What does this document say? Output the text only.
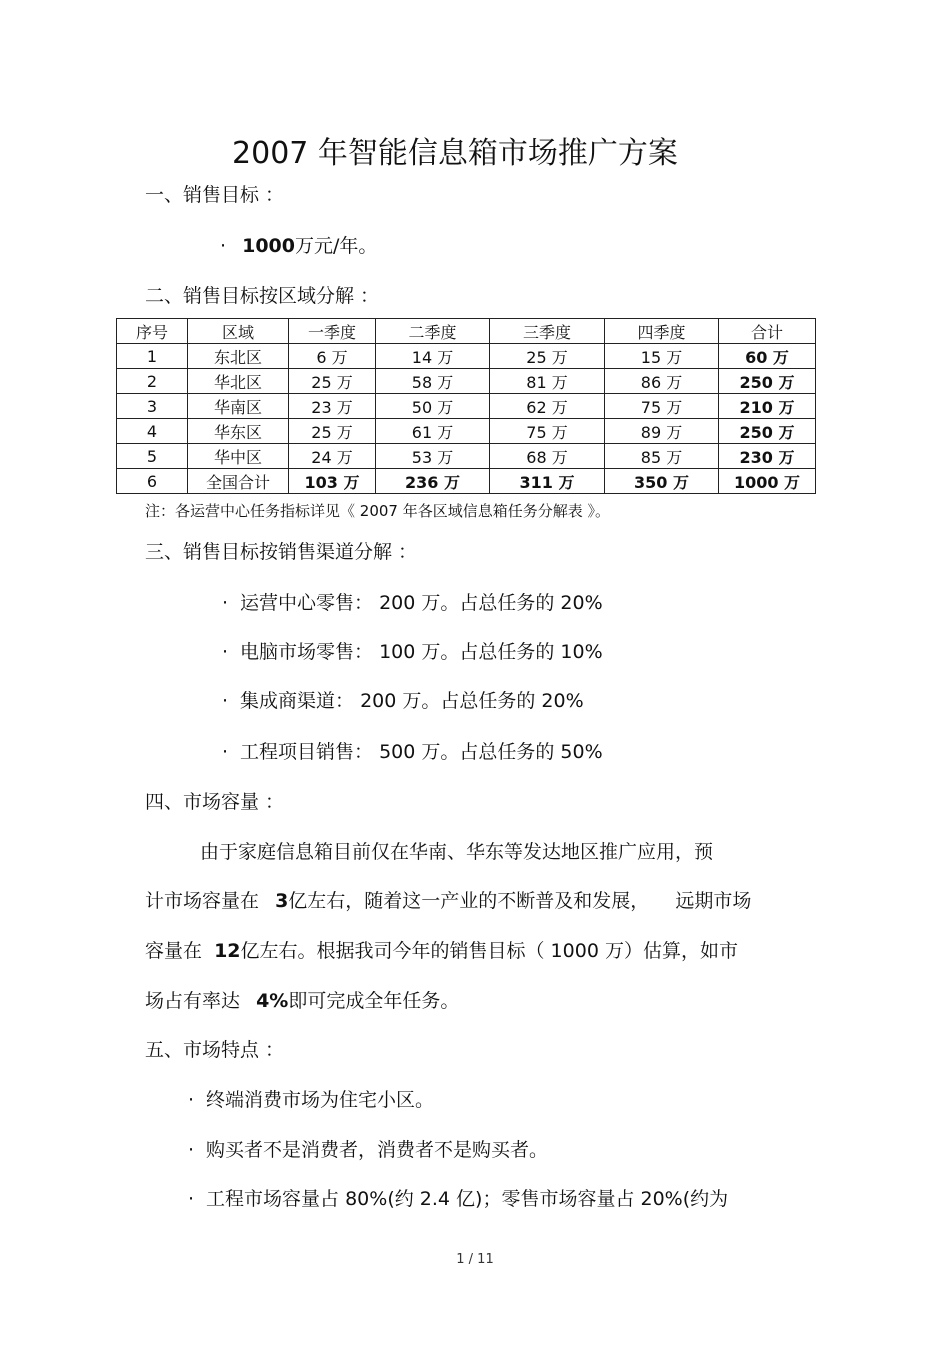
2007 年智能信息箱市场推广方案
一、销售目标 ：
· 1000万元/年。
二、销售目标按区域分解 ：
序号	区域	一季度	二季度	三季度	四季度	合计
1	东北区	6 万	14 万	25 万	15 万	60 万
2	华北区	25 万	58 万	81 万	86 万	250 万
3	华南区	23 万	50 万	62 万	75 万	210 万
4	华东区	25 万	61 万	75 万	89 万	250 万
5	华中区	24 万	53 万	68 万	85 万	230 万
6	全国合计	103 万	236 万	311 万	350 万	1000 万
注：各运营中心任务指标详见《 2007 年各区域信息箱任务分解表 》。
三、销售目标按销售渠道分解 ：
· 运营中心零售： 200 万。占总任务的 20%
· 电脑市场零售： 100 万。占总任务的 10%
· 集成商渠道： 200 万。占总任务的 20%
· 工程项目销售： 500 万。占总任务的 50%
四、市场容量 ：
由于家庭信息箱目前仅在华南、华东等发达地区推广应用，预
计市场容量在 3亿左右，随着这一产业的不断普及和发展， 远期市场
容量在 12亿左右。根据我司今年的销售目标（ 1000 万）估算，如市
场占有率达 4%即可完成全年任务。
五、市场特点 ：
· 终端消费市场为住宅小区。
· 购买者不是消费者，消费者不是购买者。
· 工程市场容量占 80%(约 2.4 亿)；零售市场容量占 20%(约为
1 / 11
